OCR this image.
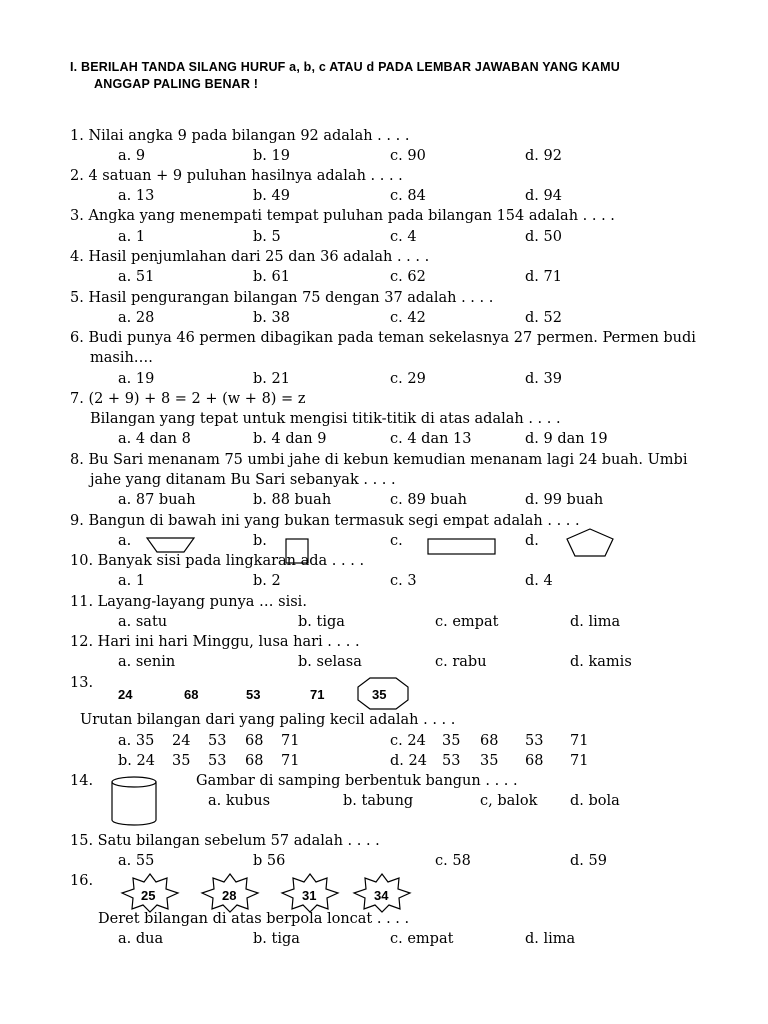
I. BERILAH TANDA SILANG HURUF a, b, c ATAU d PADA LEMBAR JAWABAN YANG KAMU
ANGGAP PALING BENAR !
1. Nilai angka 9 pada bilangan 92 adalah . . . .
a. 9	b. 19	c. 90	d. 92
2. 4 satuan + 9 puluhan hasilnya adalah . . . .
a. 13	b. 49	c. 84	d. 94
3. Angka yang menempati tempat puluhan pada bilangan 154 adalah . . . .
a. 1	b. 5	c. 4	d. 50
4. Hasil penjumlahan dari 25 dan 36 adalah . . . .
a. 51	b. 61	c. 62	d. 71
5. Hasil pengurangan bilangan 75 dengan 37 adalah . . . .
a. 28	b. 38	c. 42	d. 52
6. Budi punya 46 permen dibagikan pada teman sekelasnya 27 permen. Permen budi
masih….
a. 19	b. 21	c. 29	d. 39
7. (2 + 9) + 8 = 2 + (w + 8) = z
Bilangan yang tepat untuk mengisi titik-titik di atas adalah . . . .
a. 4 dan 8	b. 4 dan 9	c. 4 dan 13	d. 9 dan 19
8. Bu Sari menanam 75 umbi jahe di kebun kemudian menanam lagi 24 buah. Umbi
jahe yang ditanam Bu Sari sebanyak . . . .
a. 87 buah	b. 88 buah	c. 89 buah	d. 99 buah
9. Bangun di bawah ini yang bukan termasuk segi empat adalah . . . .
a.	b.	c.	d.
10. Banyak sisi pada lingkaran ada . . . .
a. 1	b. 2	c. 3	d. 4
11. Layang-layang punya … sisi.
a. satu	b. tiga	c. empat	d. lima
12. Hari ini hari Minggu, lusa hari . . . .
a. senin	b. selasa	c. rabu	d. kamis
13.
24	68	53	71	35
Urutan bilangan dari yang paling kecil adalah . . . .
a. 35 24 53 68 71	c. 24 35 68 53 71
b. 24 35 53 68 71	d. 24 53 35 68 71
14.	Gambar di samping berbentuk bangun . . . .
a. kubus	b. tabung	c, balok d. bola
15. Satu bilangan sebelum 57 adalah . . . .
a. 55	b 56	c. 58	d. 59
16.
25	28	31	34
Deret bilangan di atas berpola loncat . . . .
a. dua	b. tiga	c. empat	d. lima
